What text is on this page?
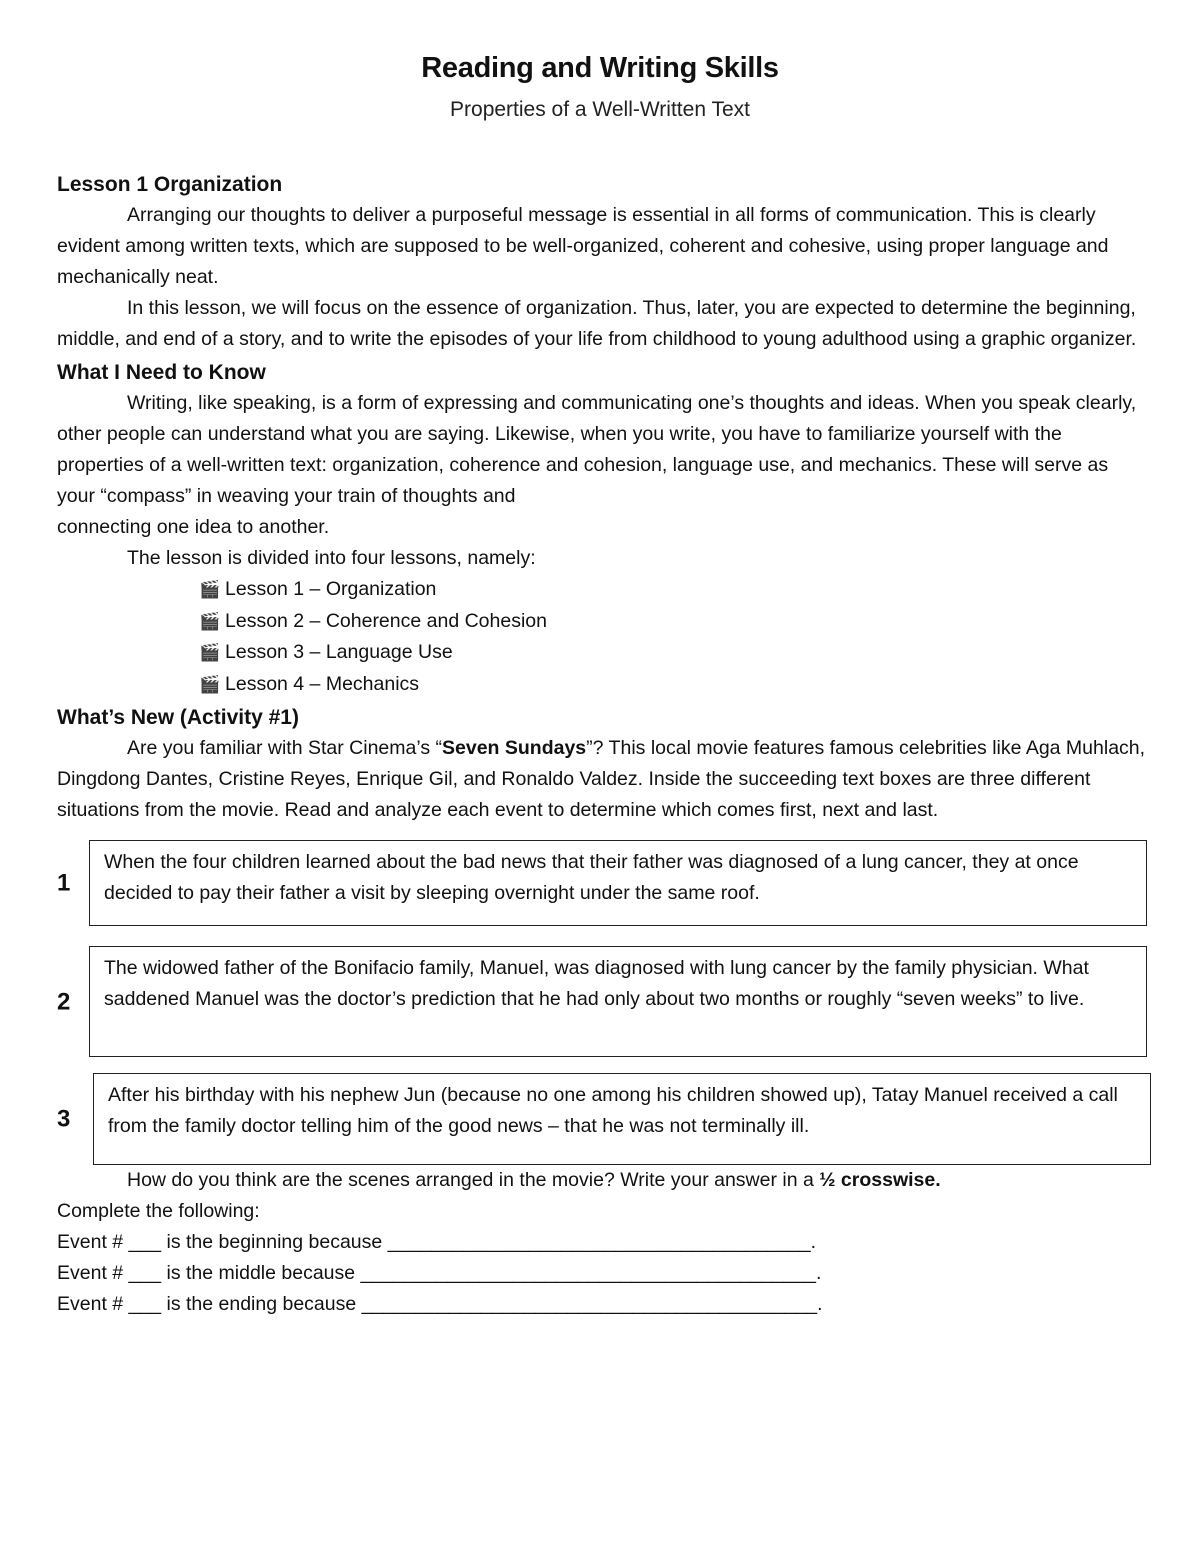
Reading and Writing Skills
Properties of a Well-Written Text

Lesson 1 Organization

Arranging our thoughts to deliver a purposeful message is essential in all forms of communication. This is clearly evident among written texts, which are supposed to be well-organized, coherent and cohesive, using proper language and mechanically neat.

In this lesson, we will focus on the essence of organization. Thus, later, you are expected to determine the beginning, middle, and end of a story, and to write the episodes of your life from childhood to young adulthood using a graphic organizer.

What I Need to Know

Writing, like speaking, is a form of expressing and communicating one’s thoughts and ideas. When you speak clearly, other people can understand what you are saying. Likewise, when you write, you have to familiarize yourself with the properties of a well-written text: organization, coherence and cohesion, language use, and mechanics. These will serve as your “compass” in weaving your train of thoughts and

connecting one idea to another.

The lesson is divided into four lessons, namely:

🎬 Lesson 1 – Organization
🎬 Lesson 2 – Coherence and Cohesion
🎬 Lesson 3 – Language Use
🎬 Lesson 4 – Mechanics

What’s New (Activity #1)

Are you familiar with Star Cinema’s “Seven Sundays”? This local movie features famous celebrities like Aga Muhlach, Dingdong Dantes, Cristine Reyes, Enrique Gil, and Ronaldo Valdez. Inside the succeeding text boxes are three different situations from the movie. Read and analyze each event to determine which comes first, next and last.

1
When the four children learned about the bad news that their father was diagnosed of a lung cancer, they at once decided to pay their father a visit by sleeping overnight under the same roof.
2
The widowed father of the Bonifacio family, Manuel, was diagnosed with lung cancer by the family physician. What saddened Manuel was the doctor’s prediction that he had only about two months or roughly “seven weeks” to live.
3
After his birthday with his nephew Jun (because no one among his children showed up), Tatay Manuel received a call from the family doctor telling him of the good news – that he was not terminally ill.

How do you think are the scenes arranged in the movie? Write your answer in a ½ crosswise.

Complete the following:

Event # ___ is the beginning because _______________________________________.

Event # ___ is the middle because __________________________________________.

Event # ___ is the ending because __________________________________________.
